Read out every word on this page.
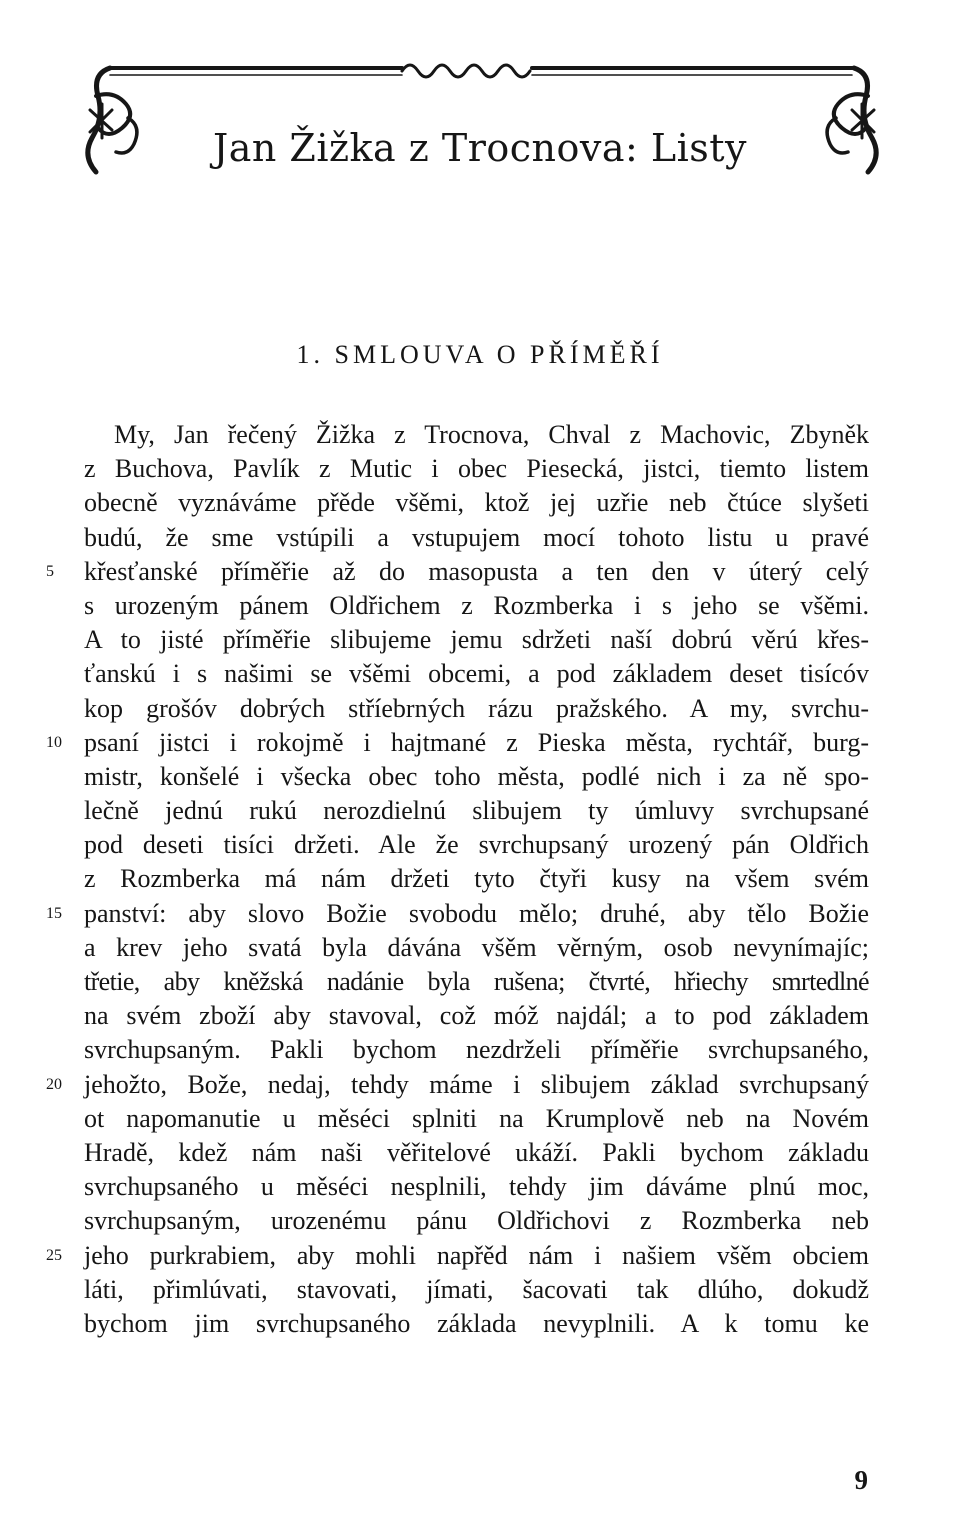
Jan Žižka z Trocnova: Listy
1. SMLOUVA O PŘÍMĚŘÍ
My, Jan řečený Žižka z Trocnova, Chval z Machovic, Zbyněk
z Buchova, Pavlík z Mutic i obec Piesecká, jistci, tiemto listem
obecně vyznáváme přěde všěmi, ktož jej uzřie neb čtúce slyšeti
budú, že sme vstúpili a vstupujem mocí tohoto listu u pravé
křesťanské příměřie až do masopusta a ten den v úterý celý
s urozeným pánem Oldřichem z Rozmberka i s jeho se všěmi.
A to jisté příměřie slibujeme jemu sdržeti naší dobrú věrú křes-
ťanskú i s našimi se všěmi obcemi, a pod základem deset tisícóv
kop grošóv dobrých stříebrných rázu pražského. A my, svrchu-
psaní jistci i rokojmě i hajtmané z Pieska města, rychtář, burg-
mistr, konšelé i všecka obec toho města, podlé nich i za ně spo-
lečně jednú rukú nerozdielnú slibujem ty úmluvy svrchupsané
pod deseti tisíci držeti. Ale že svrchupsaný urozený pán Oldřich
z Rozmberka má nám držeti tyto čtyři kusy na všem svém
panství: aby slovo Božie svobodu mělo; druhé, aby tělo Božie
a krev jeho svatá byla dávána všěm věrným, osob nevynímajíc;
třetie, aby kněžská nadánie byla rušena; čtvrté, hřiechy smrtedlné
na svém zboží aby stavoval, což móž najdál; a to pod základem
svrchupsaným. Pakli bychom nezdrželi příměřie svrchupsaného,
jehožto, Bože, nedaj, tehdy máme i slibujem základ svrchupsaný
ot napomanutie u měséci splniti na Krumplově neb na Novém
Hradě, kdež nám naši věřitelové ukáží. Pakli bychom základu
svrchupsaného u měséci nesplnili, tehdy jim dáváme plnú moc,
svrchupsaným, urozenému pánu Oldřichovi z Rozmberka neb
jeho purkrabiem, aby mohli napřěd nám i našiem všěm obciem
láti, přimlúvati, stavovati, jímati, šacovati tak dlúho, dokudž
bychom jim svrchupsaného základa nevyplnili. A k tomu ke
5
10
15
20
25
9
